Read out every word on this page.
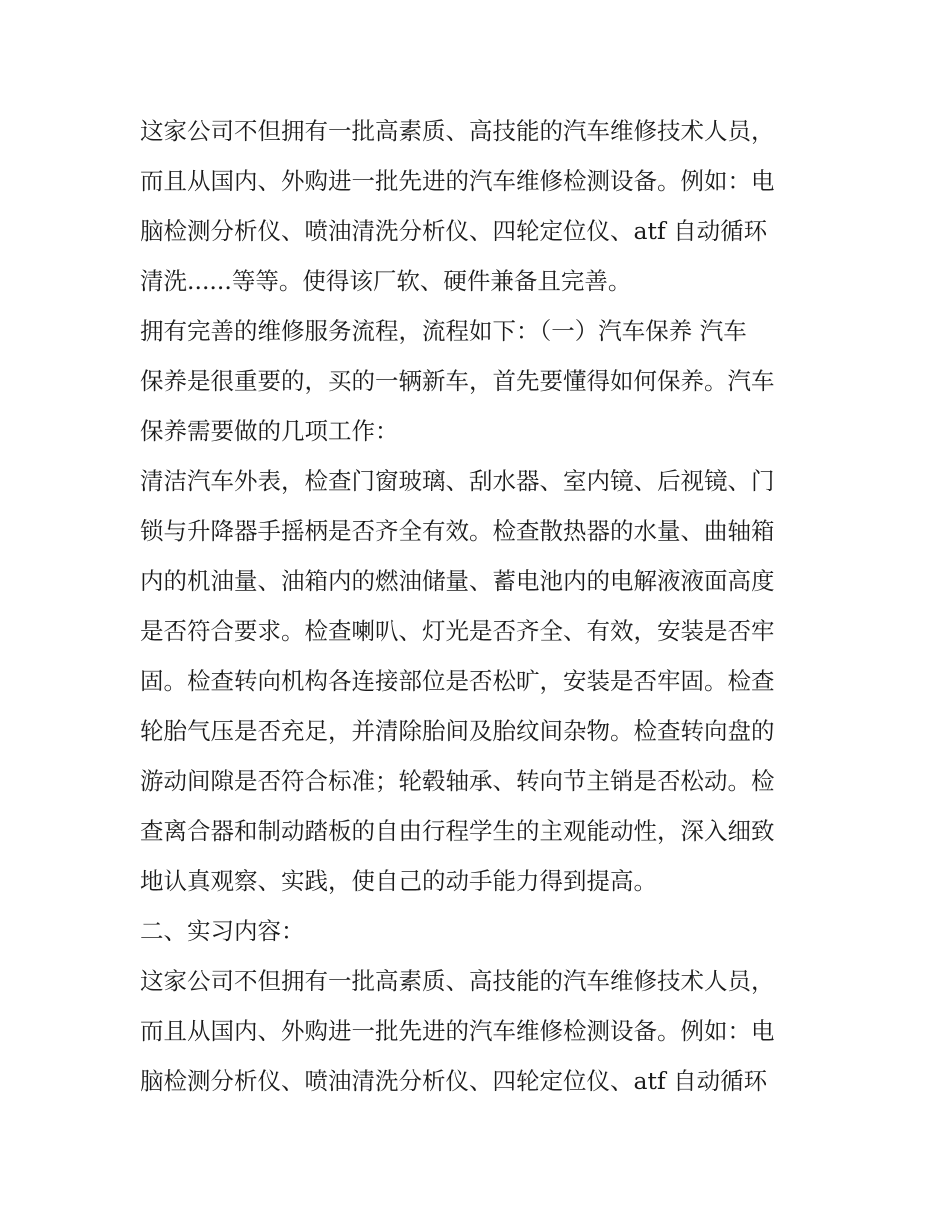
这家公司不但拥有一批高素质、高技能的汽车维修技术人员，
而且从国内、外购进一批先进的汽车维修检测设备。例如：电
脑检测分析仪、喷油清洗分析仪、四轮定位仪、atf 自动循环
清洗......等等。使得该厂软、硬件兼备且完善。
拥有完善的维修服务流程，流程如下：（一）汽车保养 汽车
保养是很重要的，买的一辆新车，首先要懂得如何保养。汽车
保养需要做的几项工作：
清洁汽车外表，检查门窗玻璃、刮水器、室内镜、后视镜、门
锁与升降器手摇柄是否齐全有效。检查散热器的水量、曲轴箱
内的机油量、油箱内的燃油储量、蓄电池内的电解液液面高度
是否符合要求。检查喇叭、灯光是否齐全、有效，安装是否牢
固。检查转向机构各连接部位是否松旷，安装是否牢固。检查
轮胎气压是否充足，并清除胎间及胎纹间杂物。检查转向盘的
游动间隙是否符合标准；轮毂轴承、转向节主销是否松动。检
查离合器和制动踏板的自由行程学生的主观能动性，深入细致
地认真观察、实践，使自己的动手能力得到提高。
二、实习内容：
这家公司不但拥有一批高素质、高技能的汽车维修技术人员，
而且从国内、外购进一批先进的汽车维修检测设备。例如：电
脑检测分析仪、喷油清洗分析仪、四轮定位仪、atf 自动循环
